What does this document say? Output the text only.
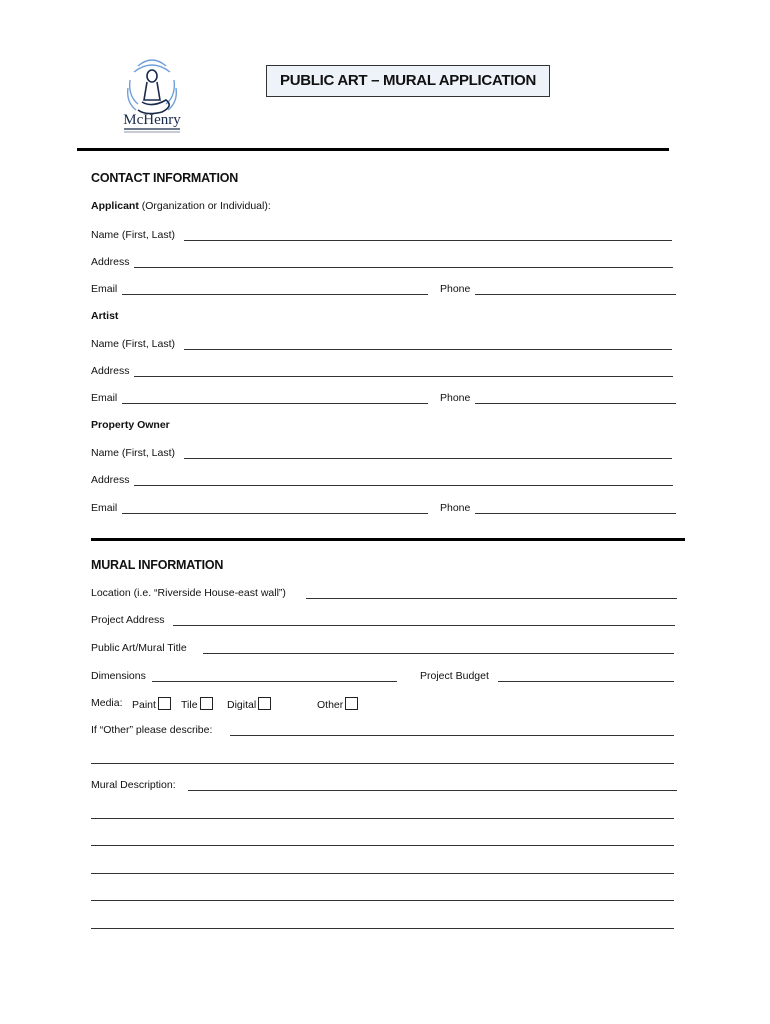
McHenry
PUBLIC ART – MURAL APPLICATION
CONTACT INFORMATION
Applicant (Organization or Individual):
Name (First, Last)
Address
Email	Phone
Artist
Name (First, Last)
Address
Email	Phone
Property Owner
Name (First, Last)
Address
Email	Phone
MURAL INFORMATION
Location (i.e. “Riverside House-east wall”)
Project Address
Public Art/Mural Title
Dimensions	Project Budget
Media: Paint	Tile	Digital	Other
If “Other” please describe:
Mural Description:
